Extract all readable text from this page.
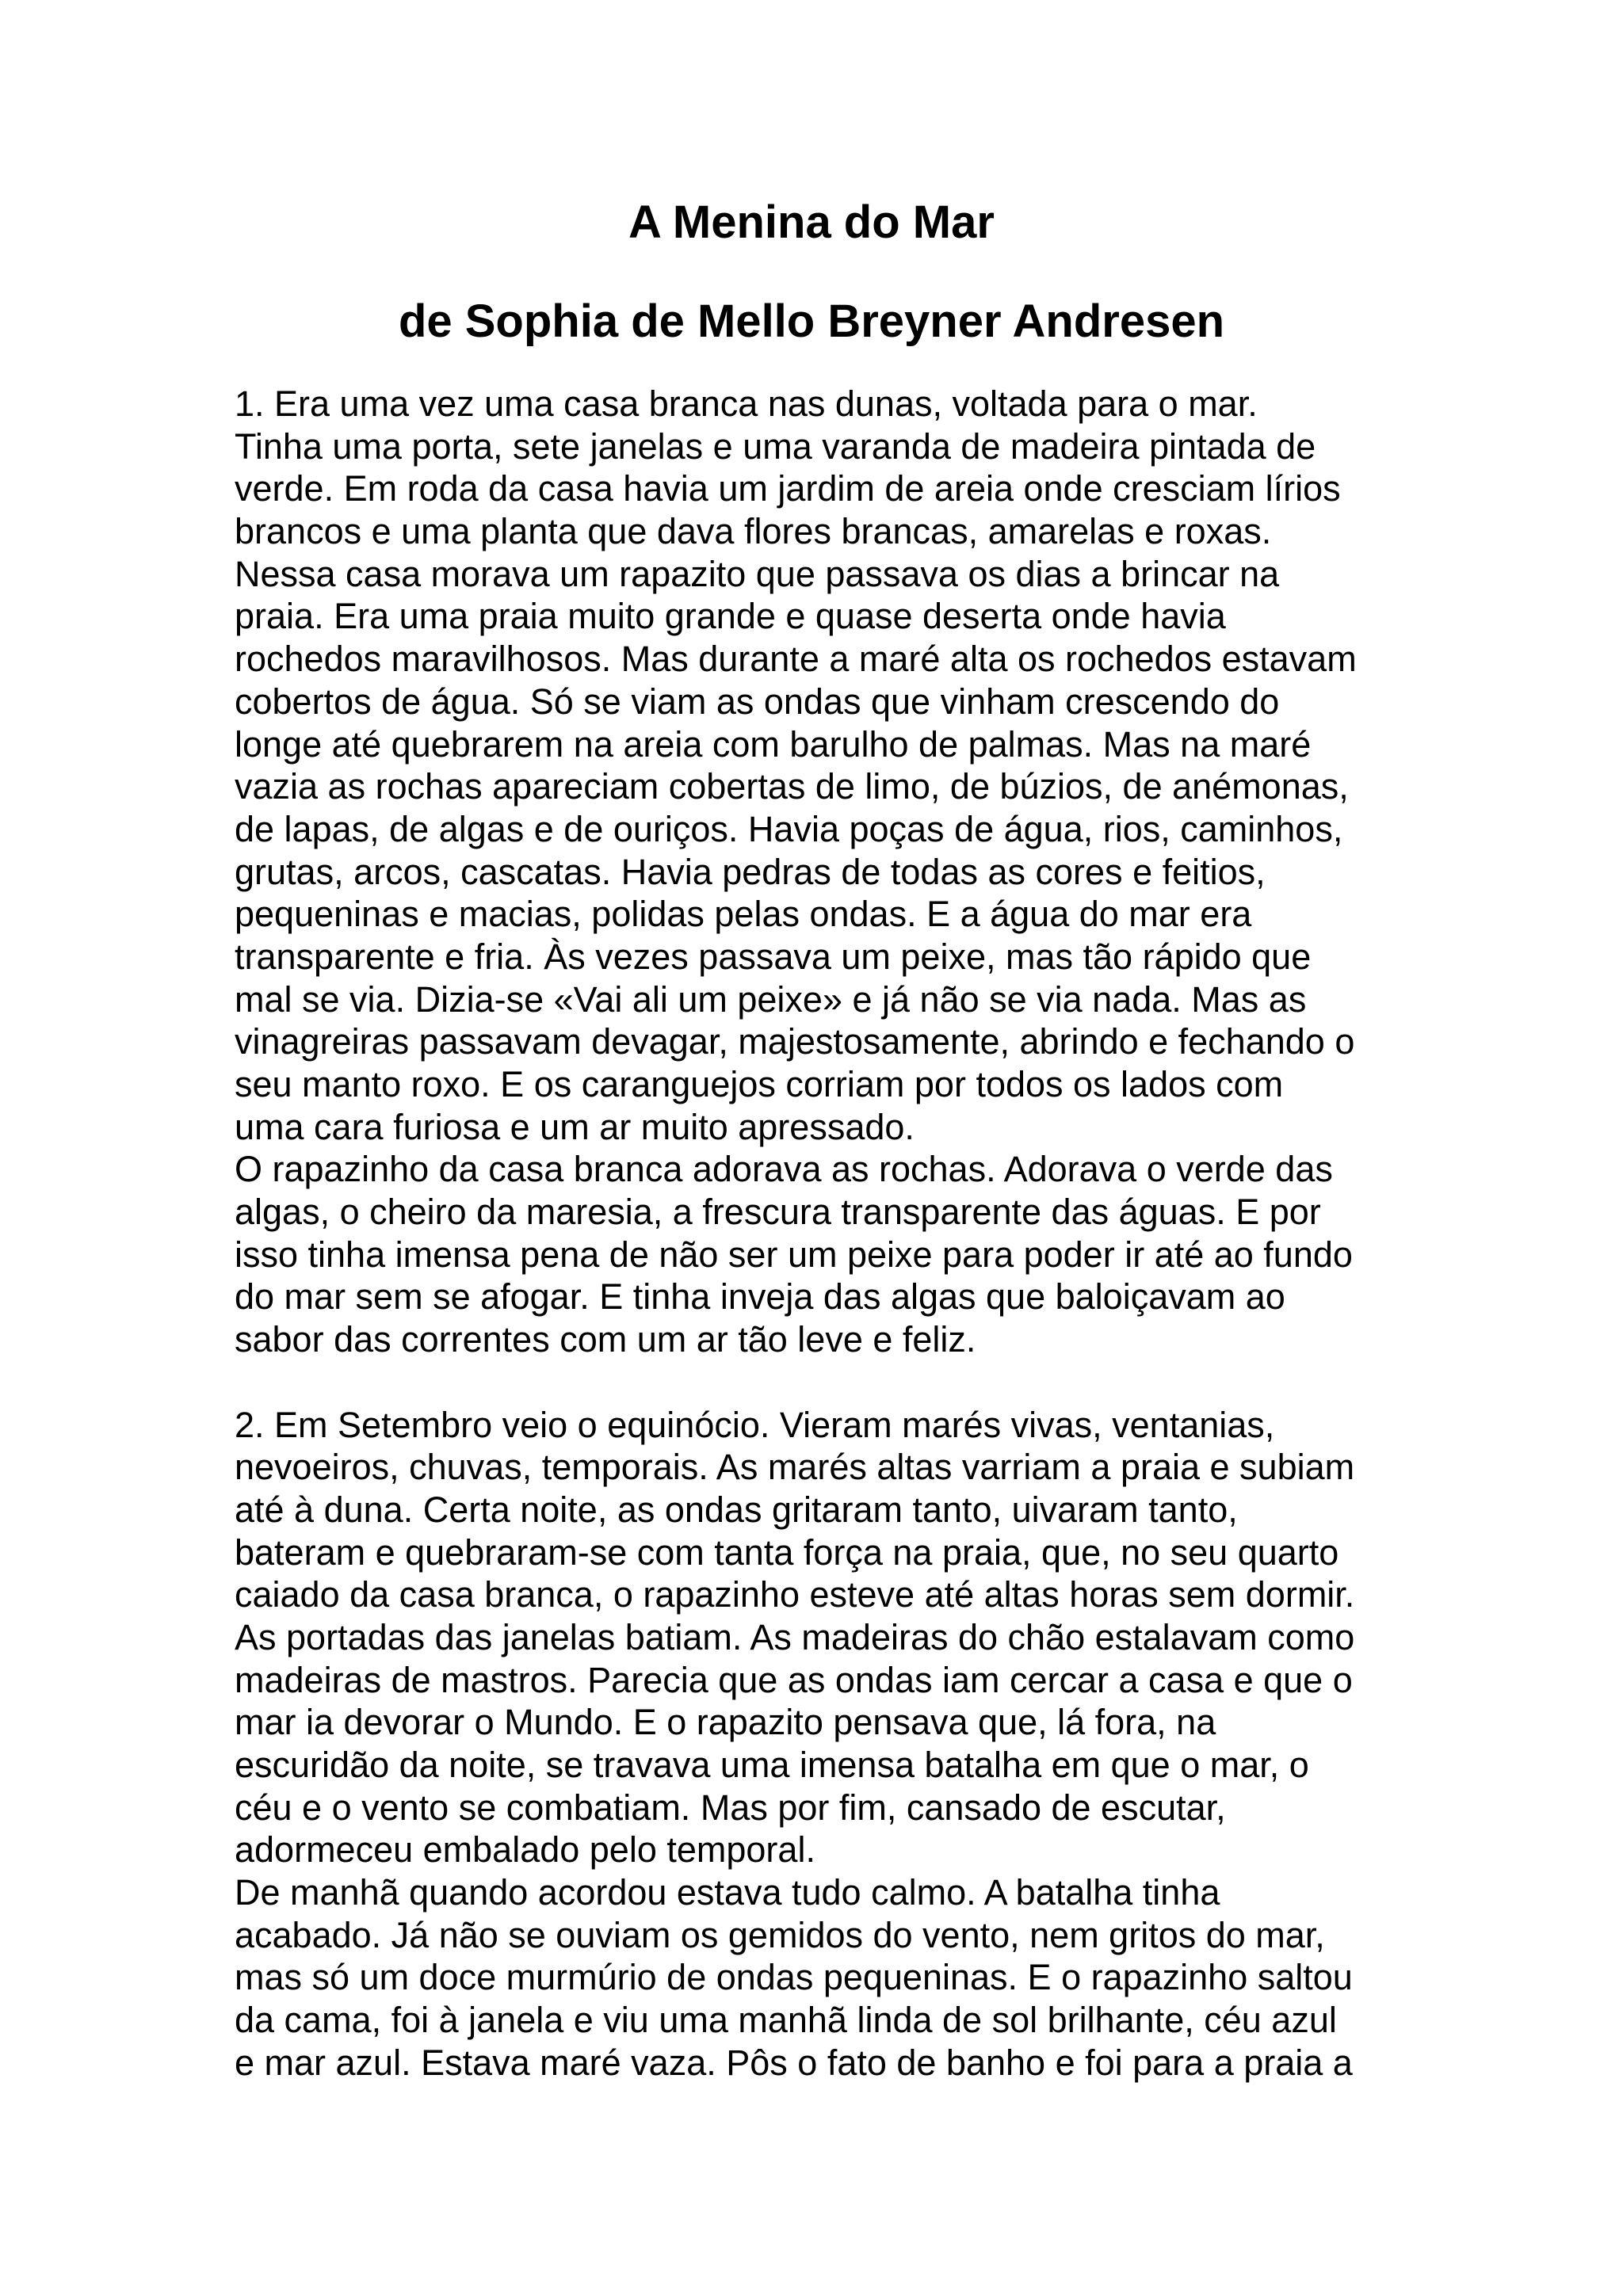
A Menina do Mar
de Sophia de Mello Breyner Andresen
1. Era uma vez uma casa branca nas dunas, voltada para o mar.
Tinha uma porta, sete janelas e uma varanda de madeira pintada de
verde. Em roda da casa havia um jardim de areia onde cresciam lírios
brancos e uma planta que dava flores brancas, amarelas e roxas.
Nessa casa morava um rapazito que passava os dias a brincar na
praia. Era uma praia muito grande e quase deserta onde havia
rochedos maravilhosos. Mas durante a maré alta os rochedos estavam
cobertos de água. Só se viam as ondas que vinham crescendo do
longe até quebrarem na areia com barulho de palmas. Mas na maré
vazia as rochas apareciam cobertas de limo, de búzios, de anémonas,
de lapas, de algas e de ouriços. Havia poças de água, rios, caminhos,
grutas, arcos, cascatas. Havia pedras de todas as cores e feitios,
pequeninas e macias, polidas pelas ondas. E a água do mar era
transparente e fria. Às vezes passava um peixe, mas tão rápido que
mal se via. Dizia-se «Vai ali um peixe» e já não se via nada. Mas as
vinagreiras passavam devagar, majestosamente, abrindo e fechando o
seu manto roxo. E os caranguejos corriam por todos os lados com
uma cara furiosa e um ar muito apressado.
O rapazinho da casa branca adorava as rochas. Adorava o verde das
algas, o cheiro da maresia, a frescura transparente das águas. E por
isso tinha imensa pena de não ser um peixe para poder ir até ao fundo
do mar sem se afogar. E tinha inveja das algas que baloiçavam ao
sabor das correntes com um ar tão leve e feliz.
2. Em Setembro veio o equinócio. Vieram marés vivas, ventanias,
nevoeiros, chuvas, temporais. As marés altas varriam a praia e subiam
até à duna. Certa noite, as ondas gritaram tanto, uivaram tanto,
bateram e quebraram-se com tanta força na praia, que, no seu quarto
caiado da casa branca, o rapazinho esteve até altas horas sem dormir.
As portadas das janelas batiam. As madeiras do chão estalavam como
madeiras de mastros. Parecia que as ondas iam cercar a casa e que o
mar ia devorar o Mundo. E o rapazito pensava que, lá fora, na
escuridão da noite, se travava uma imensa batalha em que o mar, o
céu e o vento se combatiam. Mas por fim, cansado de escutar,
adormeceu embalado pelo temporal.
De manhã quando acordou estava tudo calmo. A batalha tinha
acabado. Já não se ouviam os gemidos do vento, nem gritos do mar,
mas só um doce murmúrio de ondas pequeninas. E o rapazinho saltou
da cama, foi à janela e viu uma manhã linda de sol brilhante, céu azul
e mar azul. Estava maré vaza. Pôs o fato de banho e foi para a praia a
